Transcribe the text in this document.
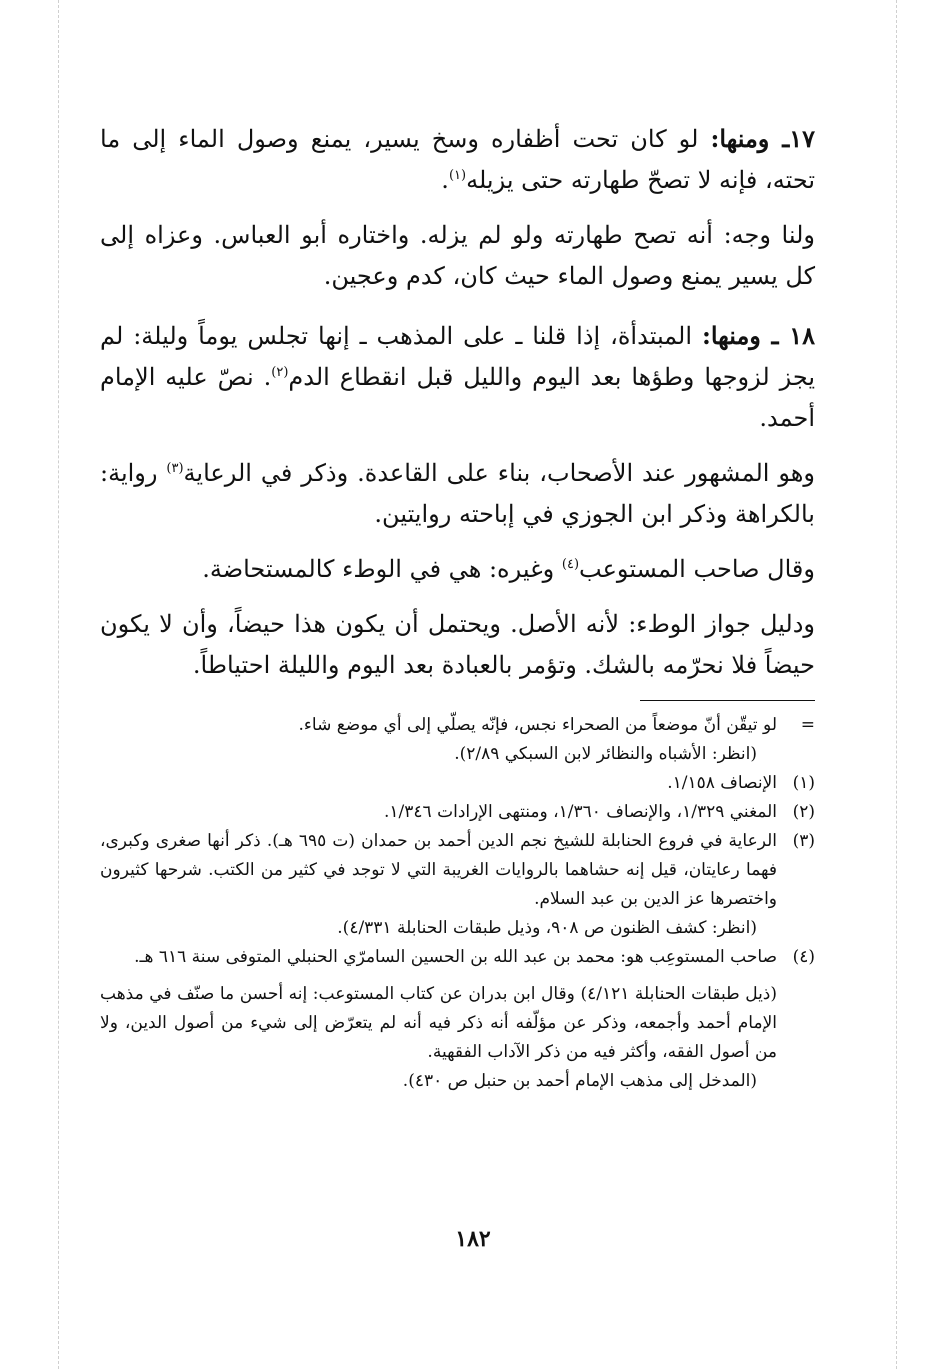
١٧ـ ومنها: لو كان تحت أظفاره وسخ يسير، يمنع وصول الماء إلى ما تحته، فإنه لا تصحّ طهارته حتى يزيله$^{(١)}$.

ولنا وجه: أنه تصح طهارته ولو لم يزله. واختاره أبو العباس. وعزاه إلى كل يسير يمنع وصول الماء حيث كان، كدم وعجين.

١٨ ـ ومنها: المبتدأة، إذا قلنا ـ على المذهب ـ إنها تجلس يوماً وليلة: لم يجز لزوجها وطؤها بعد اليوم والليل قبل انقطاع الدم$^{(٢)}$. نصّ عليه الإمام أحمد.

وهو المشهور عند الأصحاب، بناء على القاعدة. وذكر في الرعاية$^{(٣)}$ رواية: بالكراهة وذكر ابن الجوزي في إباحته روايتين.

وقال صاحب المستوعب$^{(٤)}$ وغيره: هي في الوطء كالمستحاضة.

ودليل جواز الوطء: لأنه الأصل. ويحتمل أن يكون هذا حيضاً، وأن لا يكون حيضاً فلا نحرّمه بالشك. وتؤمر بالعبادة بعد اليوم والليلة احتياطاً.

=
لو تيقّن أنّ موضعاً من الصحراء نجس، فإنّه يصلّي إلى أي موضع شاء.
(انظر: الأشباه والنظائر لابن السبكي ٢/٨٩).
(١)
الإنصاف ١/١٥٨.
(٢)
المغني ١/٣٢٩، والإنصاف ١/٣٦٠، ومنتهى الإرادات ١/٣٤٦.
(٣)
الرعاية في فروع الحنابلة للشيخ نجم الدين أحمد بن حمدان (ت ٦٩٥ هـ). ذكر أنها صغرى وكبرى، فهما رعايتان، قيل إنه حشاهما بالروايات الغريبة التي لا توجد في كثير من الكتب. شرحها كثيرون واختصرها عز الدين بن عبد السلام.
(انظر: كشف الظنون ص ٩٠٨، وذيل طبقات الحنابلة ٤/٣٣١).
(٤)
صاحب المستوعِب هو: محمد بن عبد الله بن الحسين السامرّي الحنبلي المتوفى سنة ٦١٦ هـ.
(ذيل طبقات الحنابلة ٤/١٢١) وقال ابن بدران عن كتاب المستوعب: إنه أحسن ما صنّف في مذهب الإمام أحمد وأجمعه، وذكر عن مؤلّفه أنه ذكر فيه أنه لم يتعرّض إلى شيء من أصول الدين، ولا من أصول الفقه، وأكثر فيه من ذكر الآداب الفقهية.
(المدخل إلى مذهب الإمام أحمد بن حنبل ص ٤٣٠).
١٨٢
